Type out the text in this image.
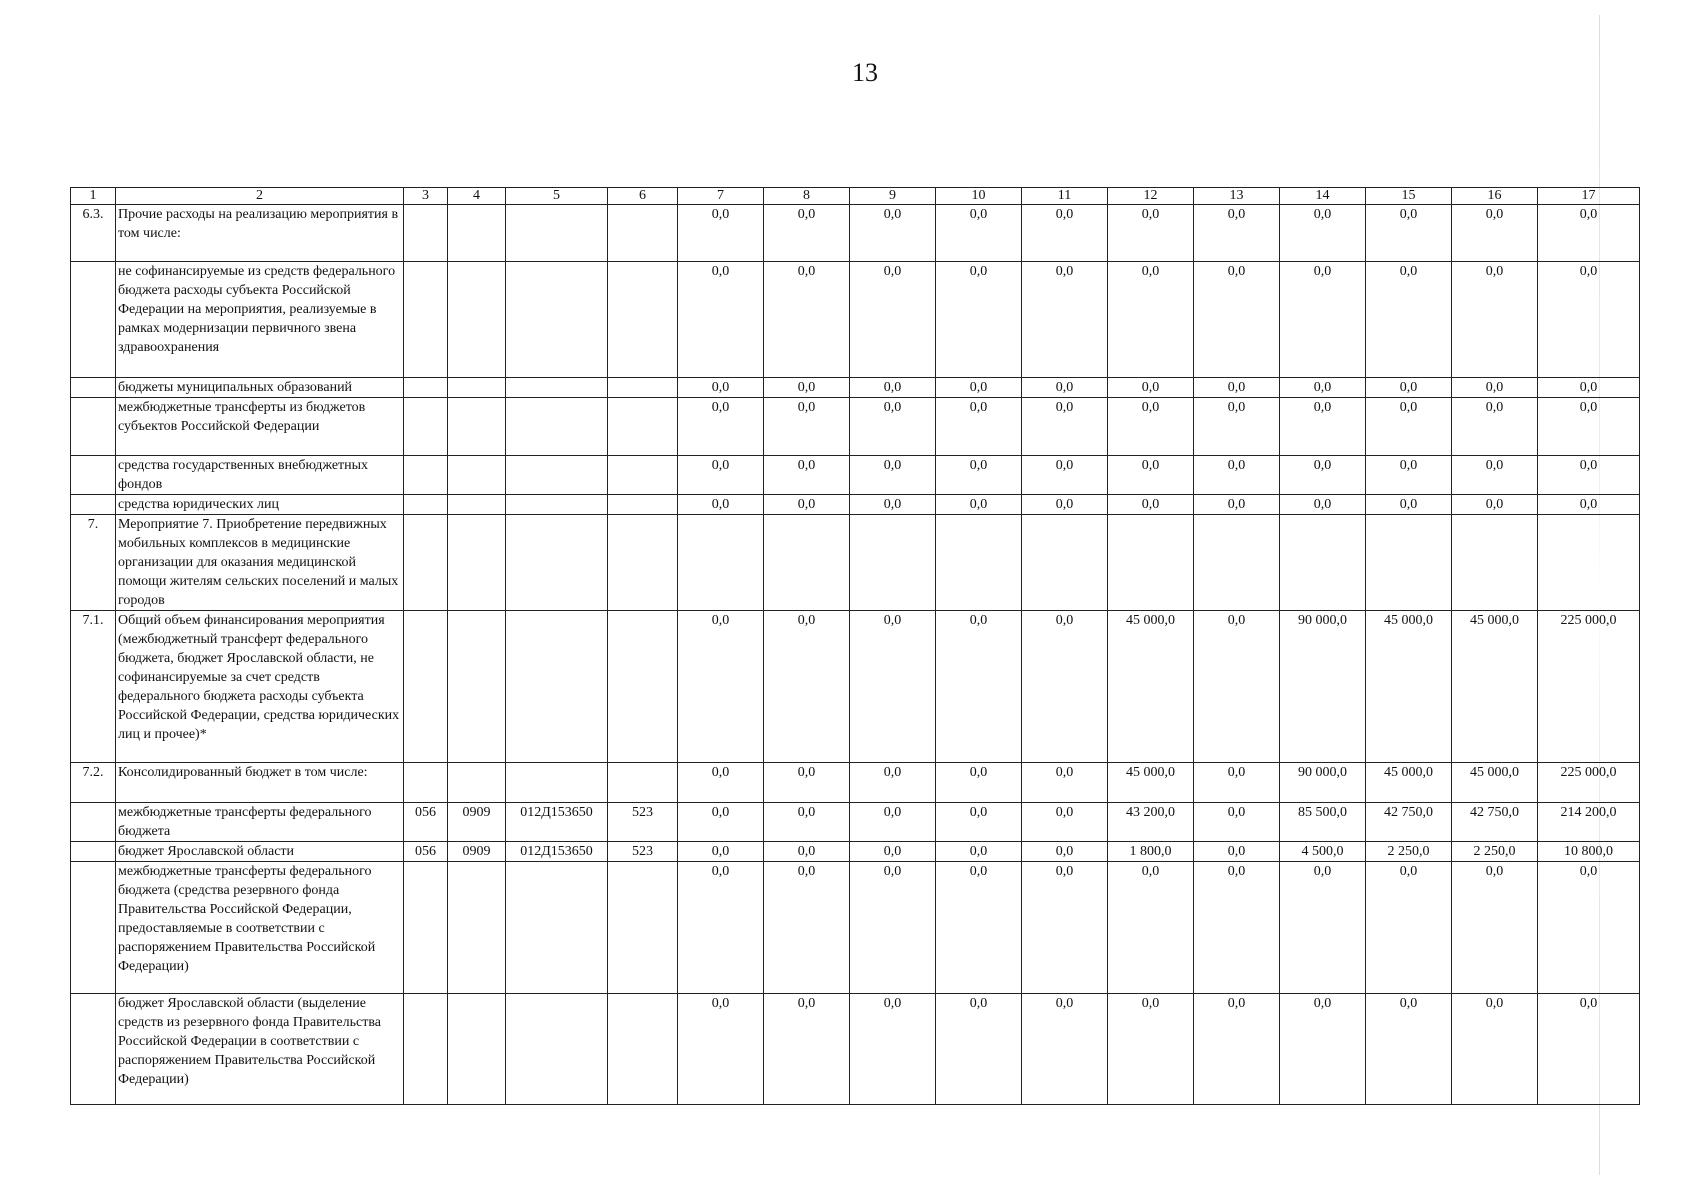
13
1	2	3	4	5	6	7	8	9	10	11	12	13	14	15	16	17
6.3.	Прочие расходы на реализацию мероприятия в том числе:					0,0	0,0	0,0	0,0	0,0	0,0	0,0	0,0	0,0	0,0	0,0
	не софинансируемые из средств федерального бюджета расходы субъекта Российской Федерации на мероприятия, реализуемые в рамках модернизации первичного звена здравоохранения					0,0	0,0	0,0	0,0	0,0	0,0	0,0	0,0	0,0	0,0	0,0
	бюджеты муниципальных образований					0,0	0,0	0,0	0,0	0,0	0,0	0,0	0,0	0,0	0,0	0,0
	межбюджетные трансферты из бюджетов субъектов Российской Федерации					0,0	0,0	0,0	0,0	0,0	0,0	0,0	0,0	0,0	0,0	0,0
	средства государственных внебюджетных фондов					0,0	0,0	0,0	0,0	0,0	0,0	0,0	0,0	0,0	0,0	0,0
	средства юридических лиц					0,0	0,0	0,0	0,0	0,0	0,0	0,0	0,0	0,0	0,0	0,0
7.	Мероприятие 7. Приобретение передвижных мобильных комплексов в медицинские организации для оказания медицинской помощи жителям сельских поселений и малых городов															
7.1.	Общий объем финансирования мероприятия (межбюджетный трансферт федерального бюджета, бюджет Ярославской области, не софинансируемые за счет средств федерального бюджета расходы субъекта Российской Федерации, средства юридических лиц и прочее)*					0,0	0,0	0,0	0,0	0,0	45 000,0	0,0	90 000,0	45 000,0	45 000,0	225 000,0
7.2.	Консолидированный бюджет в том числе:					0,0	0,0	0,0	0,0	0,0	45 000,0	0,0	90 000,0	45 000,0	45 000,0	225 000,0
	межбюджетные трансферты федерального бюджета	056	0909	012Д153650	523	0,0	0,0	0,0	0,0	0,0	43 200,0	0,0	85 500,0	42 750,0	42 750,0	214 200,0
	бюджет Ярославской области	056	0909	012Д153650	523	0,0	0,0	0,0	0,0	0,0	1 800,0	0,0	4 500,0	2 250,0	2 250,0	10 800,0
	межбюджетные трансферты федерального бюджета (средства резервного фонда Правительства Российской Федерации, предоставляемые в соответствии с распоряжением Правительства Российской Федерации)					0,0	0,0	0,0	0,0	0,0	0,0	0,0	0,0	0,0	0,0	0,0
	бюджет Ярославской области (выделение средств из резервного фонда Правительства Российской Федерации в соответствии с распоряжением Правительства Российской Федерации)					0,0	0,0	0,0	0,0	0,0	0,0	0,0	0,0	0,0	0,0	0,0
